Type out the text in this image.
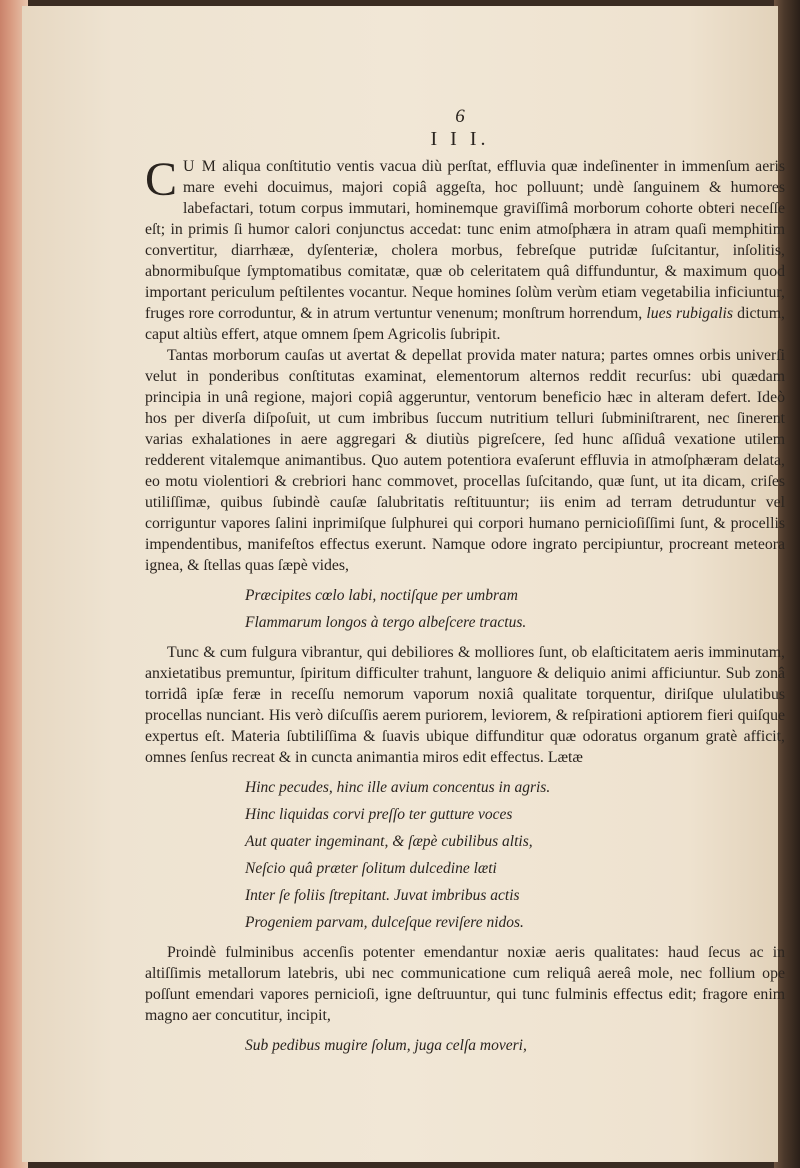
6
I I I.

C U M aliqua conſtitutio ventis vacua diù perſtat, effluvia quæ indeſinenter in immenſum aeris mare evehi docuimus, majori copiâ aggeſta, hoc polluunt; undè ſanguinem & humores labefactari, totum corpus immutari, hominemque graviſſimâ morborum cohorte obteri neceſſe eſt; in primis ſi humor calori conjunctus accedat: tunc enim atmoſphæra in atram quaſi memphitim convertitur, diarrhææ, dyſenteriæ, cholera morbus, febreſque putridæ ſuſcitantur, inſolitis, abnormibuſque ſymptomatibus comitatæ, quæ ob celeritatem quâ diffunduntur, & maximum quod important periculum peſtilentes vocantur. Neque homines ſolùm verùm etiam vegetabilia inficiuntur, fruges rore corroduntur, & in atrum vertuntur venenum; monſtrum horrendum, lues rubigalis dictum, caput altiùs effert, atque omnem ſpem Agricolis ſubripit.

Tantas morborum cauſas ut avertat & depellat provida mater natura; partes omnes orbis univerſi velut in ponderibus conſtitutas examinat, elementorum alternos reddit recurſus: ubi quædam principia in unâ regione, majori copiâ aggeruntur, ventorum beneficio hæc in alteram defert. Ideò hos per diverſa diſpoſuit, ut cum imbribus ſuccum nutritium telluri ſubminiſtrarent, nec ſinerent varias exhalationes in aere aggregari & diutiùs pigreſcere, ſed hunc aſſiduâ vexatione utilem redderent vitalemque animantibus. Quo autem potentiora evaſerunt effluvia in atmoſphæram delata, eo motu violentiori & crebriori hanc commovet, procellas ſuſcitando, quæ ſunt, ut ita dicam, criſes utiliſſimæ, quibus ſubindè cauſæ ſalubritatis reſtituuntur; iis enim ad terram detruduntur vel corriguntur vapores ſalini inprimiſque ſulphurei qui corpori humano pernicioſiſſimi ſunt, & procellis impendentibus, manifeſtos effectus exerunt. Namque odore ingrato percipiuntur, procreant meteora ignea, & ſtellas quas ſæpè vides,

Præcipites cœlo labi, noctiſque per umbram
Flammarum longos à tergo albeſcere tractus.

Tunc & cum fulgura vibrantur, qui debiliores & molliores ſunt, ob elaſticitatem aeris imminutam, anxietatibus premuntur, ſpiritum difficulter trahunt, languore & deliquio animi afficiuntur. Sub zonâ torridâ ipſæ feræ in receſſu nemorum vaporum noxiâ qualitate torquentur, diriſque ululatibus procellas nunciant. His verò diſcuſſis aerem puriorem, leviorem, & reſpirationi aptiorem fieri quiſque expertus eſt. Materia ſubtiliſſima & ſuavis ubique diffunditur quæ odoratus organum gratè afficit, omnes ſenſus recreat & in cuncta animantia miros edit effectus. Lætæ

Hinc pecudes, hinc ille avium concentus in agris.
Hinc liquidas corvi preſſo ter gutture voces
Aut quater ingeminant, & ſæpè cubilibus altis,
Neſcio quâ præter ſolitum dulcedine læti
Inter ſe foliis ſtrepitant. Juvat imbribus actis
Progeniem parvam, dulceſque reviſere nidos.

Proindè fulminibus accenſis potenter emendantur noxiæ aeris qualitates: haud ſecus ac in altiſſimis metallorum latebris, ubi nec communicatione cum reliquâ aereâ mole, nec follium ope poſſunt emendari vapores pernicioſi, igne deſtruuntur, qui tunc fulminis effectus edit; fragore enim magno aer concutitur, incipit,

Sub pedibus mugire ſolum, juga celſa moveri,
